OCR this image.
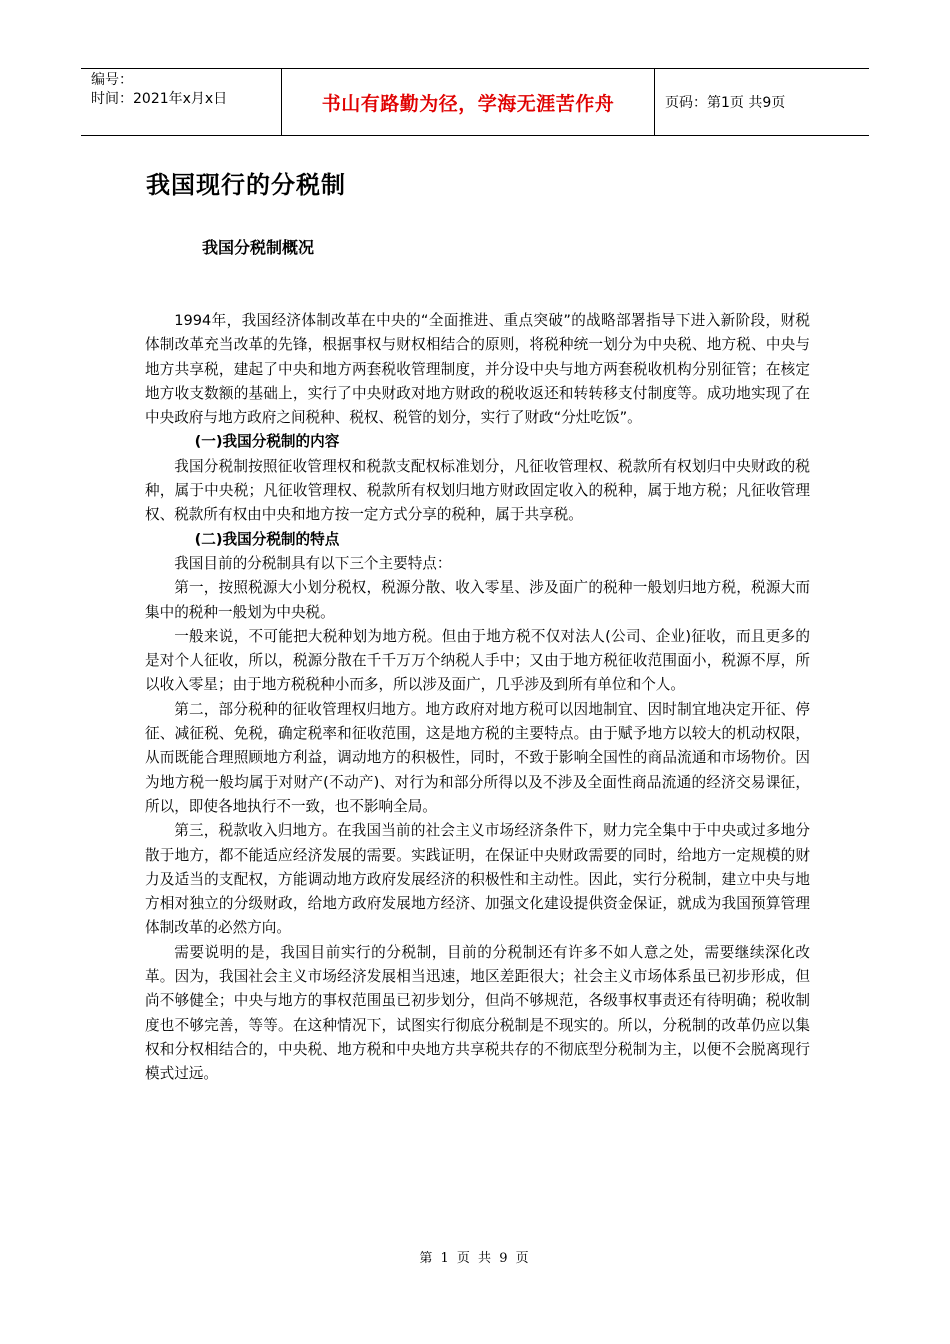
编号：
时间：2021年x月x日	书山有路勤为径，学海无涯苦作舟	页码：第1页 共9页
我国现行的分税制
我国分税制概况

1994年，我国经济体制改革在中央的“全面推进、重点突破”的战略部署指导下进入新阶段，财税体制改革充当改革的先锋，根据事权与财权相结合的原则，将税种统一划分为中央税、地方税、中央与地方共享税，建起了中央和地方两套税收管理制度，并分设中央与地方两套税收机构分别征管；在核定地方收支数额的基础上，实行了中央财政对地方财政的税收返还和转转移支付制度等。成功地实现了在中央政府与地方政府之间税种、税权、税管的划分，实行了财政“分灶吃饭”。

(一)我国分税制的内容

我国分税制按照征收管理权和税款支配权标准划分，凡征收管理权、税款所有权划归中央财政的税种，属于中央税；凡征收管理权、税款所有权划归地方财政固定收入的税种，属于地方税；凡征收管理权、税款所有权由中央和地方按一定方式分享的税种，属于共享税。

(二)我国分税制的特点

我国目前的分税制具有以下三个主要特点：

第一，按照税源大小划分税权，税源分散、收入零星、涉及面广的税种一般划归地方税，税源大而集中的税种一般划为中央税。

一般来说，不可能把大税种划为地方税。但由于地方税不仅对法人(公司、企业)征收，而且更多的是对个人征收，所以，税源分散在千千万万个纳税人手中；又由于地方税征收范围面小，税源不厚，所以收入零星；由于地方税税种小而多，所以涉及面广，几乎涉及到所有单位和个人。

第二，部分税种的征收管理权归地方。地方政府对地方税可以因地制宜、因时制宜地决定开征、停征、减征税、免税，确定税率和征收范围，这是地方税的主要特点。由于赋予地方以较大的机动权限，从而既能合理照顾地方利益，调动地方的积极性，同时，不致于影响全国性的商品流通和市场物价。因为地方税一般均属于对财产(不动产)、对行为和部分所得以及不涉及全面性商品流通的经济交易课征，所以，即使各地执行不一致，也不影响全局。

第三，税款收入归地方。在我国当前的社会主义市场经济条件下，财力完全集中于中央或过多地分散于地方，都不能适应经济发展的需要。实践证明，在保证中央财政需要的同时，给地方一定规模的财力及适当的支配权，方能调动地方政府发展经济的积极性和主动性。因此，实行分税制，建立中央与地方相对独立的分级财政，给地方政府发展地方经济、加强文化建设提供资金保证，就成为我国预算管理体制改革的必然方向。

需要说明的是，我国目前实行的分税制，目前的分税制还有许多不如人意之处，需要继续深化改革。因为，我国社会主义市场经济发展相当迅速，地区差距很大；社会主义市场体系虽已初步形成，但尚不够健全；中央与地方的事权范围虽已初步划分，但尚不够规范，各级事权事责还有待明确；税收制度也不够完善，等等。在这种情况下，试图实行彻底分税制是不现实的。所以，分税制的改革仍应以集权和分权相结合的，中央税、地方税和中央地方共享税共存的不彻底型分税制为主，以便不会脱离现行模式过远。

第 1 页 共 9 页
